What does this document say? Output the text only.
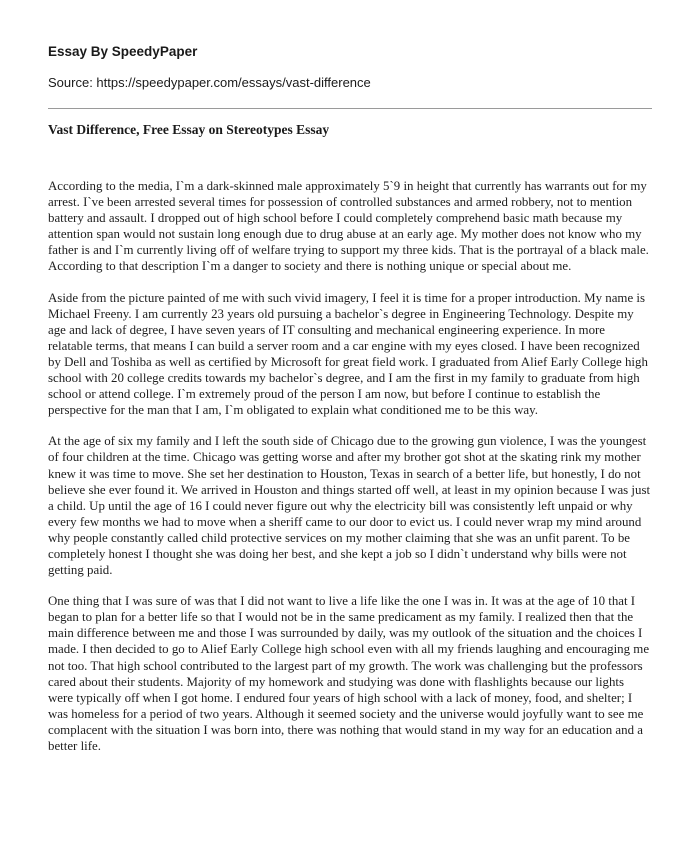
Essay By SpeedyPaper
Source: https://speedypaper.com/essays/vast-difference
Vast Difference, Free Essay on Stereotypes Essay

According to the media, I`m a dark-skinned male approximately 5`9 in height that currently has warrants out for my arrest. I`ve been arrested several times for possession of controlled substances and armed robbery, not to mention battery and assault. I dropped out of high school before I could completely comprehend basic math because my attention span would not sustain long enough due to drug abuse at an early age. My mother does not know who my father is and I`m currently living off of welfare trying to support my three kids. That is the portrayal of a black male. According to that description I`m a danger to society and there is nothing unique or special about me.

Aside from the picture painted of me with such vivid imagery, I feel it is time for a proper introduction. My name is Michael Freeny. I am currently 23 years old pursuing a bachelor`s degree in Engineering Technology. Despite my age and lack of degree, I have seven years of IT consulting and mechanical engineering experience. In more relatable terms, that means I can build a server room and a car engine with my eyes closed. I have been recognized by Dell and Toshiba as well as certified by Microsoft for great field work. I graduated from Alief Early College high school with 20 college credits towards my bachelor`s degree, and I am the first in my family to graduate from high school or attend college. I`m extremely proud of the person I am now, but before I continue to establish the perspective for the man that I am, I`m obligated to explain what conditioned me to be this way.

At the age of six my family and I left the south side of Chicago due to the growing gun violence, I was the youngest of four children at the time. Chicago was getting worse and after my brother got shot at the skating rink my mother knew it was time to move. She set her destination to Houston, Texas in search of a better life, but honestly, I do not believe she ever found it. We arrived in Houston and things started off well, at least in my opinion because I was just a child. Up until the age of 16 I could never figure out why the electricity bill was consistently left unpaid or why every few months we had to move when a sheriff came to our door to evict us. I could never wrap my mind around why people constantly called child protective services on my mother claiming that she was an unfit parent. To be completely honest I thought she was doing her best, and she kept a job so I didn`t understand why bills were not getting paid.

One thing that I was sure of was that I did not want to live a life like the one I was in. It was at the age of 10 that I began to plan for a better life so that I would not be in the same predicament as my family. I realized then that the main difference between me and those I was surrounded by daily, was my outlook of the situation and the choices I made. I then decided to go to Alief Early College high school even with all my friends laughing and encouraging me not too. That high school contributed to the largest part of my growth. The work was challenging but the professors cared about their students. Majority of my homework and studying was done with flashlights because our lights were typically off when I got home. I endured four years of high school with a lack of money, food, and shelter; I was homeless for a period of two years. Although it seemed society and the universe would joyfully want to see me complacent with the situation I was born into, there was nothing that would stand in my way for an education and a better life.
